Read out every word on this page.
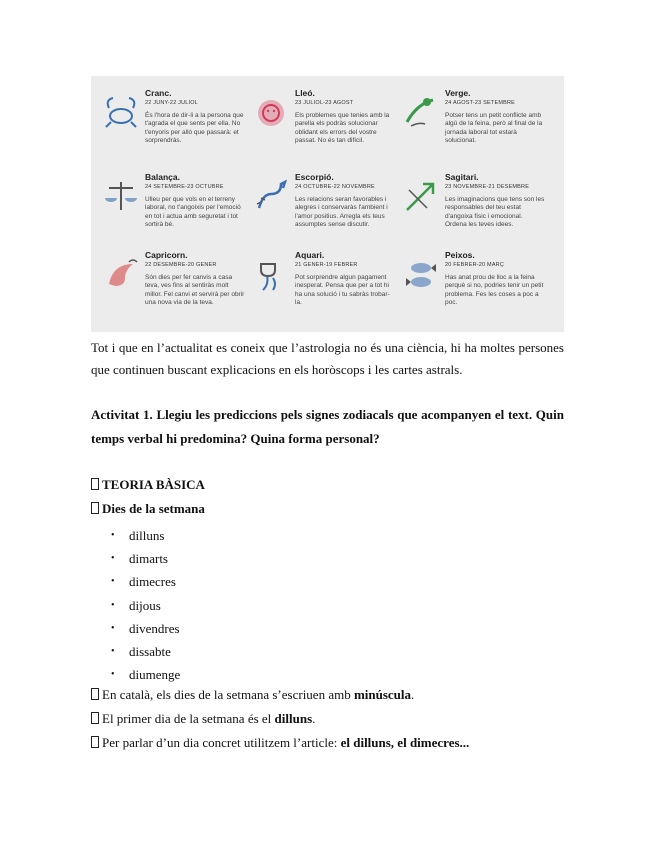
Cranc.
22 JUNY-22 JULIOL
És l'hora de dir-li a la persona que t'agrada el que sents per ella. No t'enyoris per allò que passarà: et sorprendràs.
Lleó.
23 JULIOL-23 AGOST
Els problemes que tenies amb la parella els podràs solucionar oblidant els errors del vostre passat. No és tan difícil.
Verge.
24 AGOST-23 SETEMBRE
Potser tens un petit conflicte amb algú de la feina, però al final de la jornada laboral tot estarà solucionat.
Balança.
24 SETEMBRE-23 OCTUBRE
Ulleu per que vols en el terreny laboral, no t'angoixis per l'emoció en tot i actua amb seguretat i tot sortirà bé.
Escorpió.
24 OCTUBRE-22 NOVEMBRE
Les relacions seran favorables i alegres i conservaràs l'ambient i l'amor positius. Arregla els teus assumptes sense discutir.
Sagitari.
23 NOVEMBRE-21 DESEMBRE
Les imaginacions que tens son les responsables del teu estat d'angoixa físic i emocional. Ordena les teves idees.
Capricorn.
22 DESEMBRE-20 GENER
Són dies per fer canvis a casa teva, ves fins al sentiràs molt millor. Fel canvi et servirà per obrir una nova via de la teva.
Aquari.
21 GENER-19 FEBRER
Pot sorprendre algun pagament inesperat. Pensa que per a tot hi ha una solució i tu sabràs trobar-la.
Peixos.
20 FEBRER-20 MARÇ
Has anat prou de lloc a la feina perquè si no, podries tenir un petit problema. Fes les coses a poc a poc.
Tot i que en l’actualitat es coneix que l’astrologia no és una ciència, hi ha moltes persones que continuen buscant explicacions en els horòscops i les cartes astrals.
Activitat 1. Llegiu les prediccions pels signes zodiacals que acompanyen el text. Quin temps verbal hi predomina? Quina forma personal?
TEORIA BÀSICA
Dies de la setmana
• dilluns
• dimarts
• dimecres
• dijous
• divendres
• dissabte
• diumenge
En català, els dies de la setmana s’escriuen amb minúscula.
El primer dia de la setmana és el dilluns.
Per parlar d’un dia concret utilitzem l’article: el dilluns, el dimecres...
